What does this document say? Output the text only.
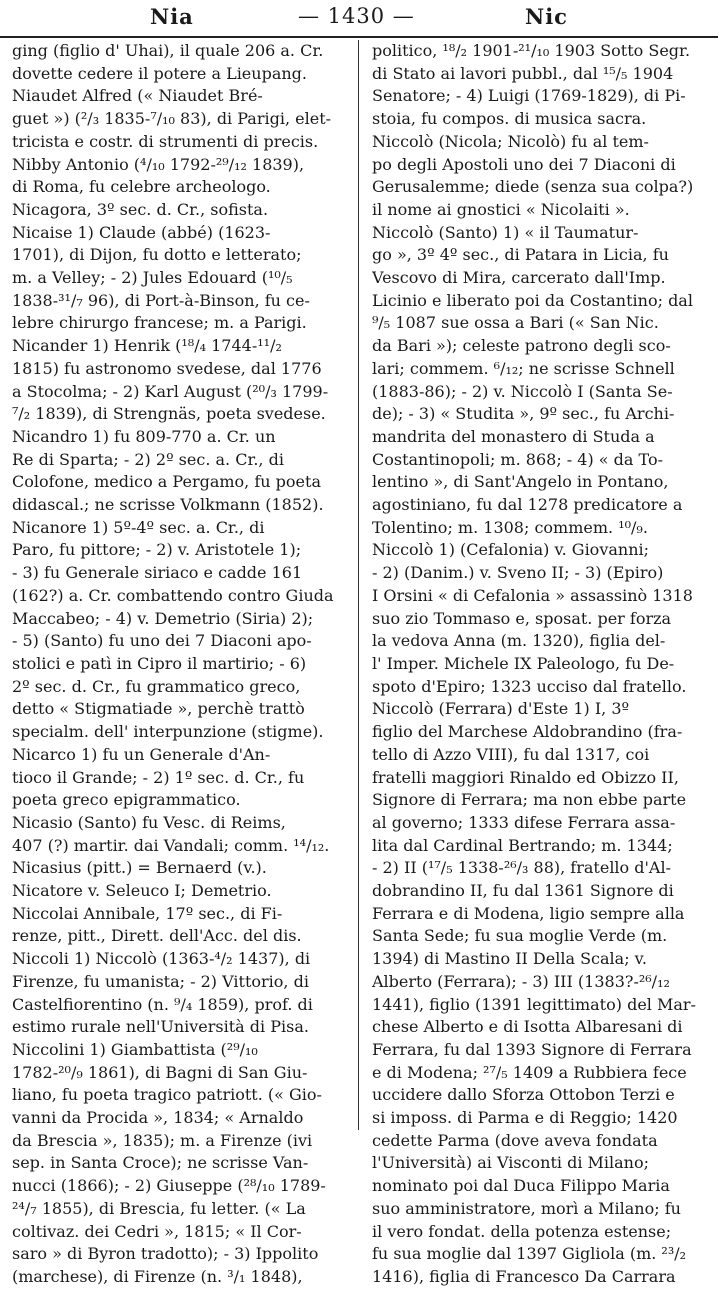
Nia	— 1430 —	Nic
ging (figlio d' Uhai), il quale 206 a. Cr.
dovette cedere il potere a Lieupang.
Niaudet Alfred (« Niaudet Bré-
guet ») (²/₃ 1835-⁷/₁₀ 83), di Parigi, elet-
tricista e costr. di strumenti di precis.
Nibby Antonio (⁴/₁₀ 1792-²⁹/₁₂ 1839),
di Roma, fu celebre archeologo.
Nicagora, 3º sec. d. Cr., sofista.
Nicaise 1) Claude (abbé) (1623-
1701), di Dijon, fu dotto e letterato;
m. a Velley; - 2) Jules Edouard (¹⁰/₅
1838-³¹/₇ 96), di Port-à-Binson, fu ce-
lebre chirurgo francese; m. a Parigi.
Nicander 1) Henrik (¹⁸/₄ 1744-¹¹/₂
1815) fu astronomo svedese, dal 1776
a Stocolma; - 2) Karl August (²⁰/₃ 1799-
⁷/₂ 1839), di Strengnäs, poeta svedese.
Nicandro 1) fu 809-770 a. Cr. un
Re di Sparta; - 2) 2º sec. a. Cr., di
Colofone, medico a Pergamo, fu poeta
didascal.; ne scrisse Volkmann (1852).
Nicanore 1) 5º-4º sec. a. Cr., di
Paro, fu pittore; - 2) v. Aristotele 1);
- 3) fu Generale siriaco e cadde 161
(162?) a. Cr. combattendo contro Giuda
Maccabeo; - 4) v. Demetrio (Siria) 2);
- 5) (Santo) fu uno dei 7 Diaconi apo-
stolici e patì in Cipro il martirio; - 6)
2º sec. d. Cr., fu grammatico greco,
detto « Stigmatiade », perchè trattò
specialm. dell' interpunzione (stigme).
Nicarco 1) fu un Generale d'An-
tioco il Grande; - 2) 1º sec. d. Cr., fu
poeta greco epigrammatico.
Nicasio (Santo) fu Vesc. di Reims,
407 (?) martir. dai Vandali; comm. ¹⁴/₁₂.
Nicasius (pitt.) = Bernaerd (v.).
Nicatore v. Seleuco I; Demetrio.
Niccolai Annibale, 17º sec., di Fi-
renze, pitt., Dirett. dell'Acc. del dis.
Niccoli 1) Niccolò (1363-⁴/₂ 1437), di
Firenze, fu umanista; - 2) Vittorio, di
Castelfiorentino (n. ⁹/₄ 1859), prof. di
estimo rurale nell'Università di Pisa.
Niccolini 1) Giambattista (²⁹/₁₀
1782-²⁰/₉ 1861), di Bagni di San Giu-
liano, fu poeta tragico patriott. (« Gio-
vanni da Procida », 1834; « Arnaldo
da Brescia », 1835); m. a Firenze (ivi
sep. in Santa Croce); ne scrisse Van-
nucci (1866); - 2) Giuseppe (²⁸/₁₀ 1789-
²⁴/₇ 1855), di Brescia, fu letter. (« La
coltivaz. dei Cedri », 1815; « Il Cor-
saro » di Byron tradotto); - 3) Ippolito
(marchese), di Firenze (n. ³/₁ 1848),
politico, ¹⁸/₂ 1901-²¹/₁₀ 1903 Sotto Segr.
di Stato ai lavori pubbl., dal ¹⁵/₅ 1904
Senatore; - 4) Luigi (1769-1829), di Pi-
stoia, fu compos. di musica sacra.
Niccolò (Nicola; Nicolò) fu al tem-
po degli Apostoli uno dei 7 Diaconi di
Gerusalemme; diede (senza sua colpa?)
il nome ai gnostici « Nicolaiti ».
Niccolò (Santo) 1) « il Taumatur-
go », 3º 4º sec., di Patara in Licia, fu
Vescovo di Mira, carcerato dall'Imp.
Licinio e liberato poi da Costantino; dal
⁹/₅ 1087 sue ossa a Bari (« San Nic.
da Bari »); celeste patrono degli sco-
lari; commem. ⁶/₁₂; ne scrisse Schnell
(1883-86); - 2) v. Niccolò I (Santa Se-
de); - 3) « Studita », 9º sec., fu Archi-
mandrita del monastero di Studa a
Costantinopoli; m. 868; - 4) « da To-
lentino », di Sant'Angelo in Pontano,
agostiniano, fu dal 1278 predicatore a
Tolentino; m. 1308; commem. ¹⁰/₉.
Niccolò 1) (Cefalonia) v. Giovanni;
- 2) (Danim.) v. Sveno II; - 3) (Epiro)
I Orsini « di Cefalonia » assassinò 1318
suo zio Tommaso e, sposat. per forza
la vedova Anna (m. 1320), figlia del-
l' Imper. Michele IX Paleologo, fu De-
spoto d'Epiro; 1323 ucciso dal fratello.
Niccolò (Ferrara) d'Este 1) I, 3º
figlio del Marchese Aldobrandino (fra-
tello di Azzo VIII), fu dal 1317, coi
fratelli maggiori Rinaldo ed Obizzo II,
Signore di Ferrara; ma non ebbe parte
al governo; 1333 difese Ferrara assa-
lita dal Cardinal Bertrando; m. 1344;
- 2) II (¹⁷/₅ 1338-²⁶/₃ 88), fratello d'Al-
dobrandino II, fu dal 1361 Signore di
Ferrara e di Modena, ligio sempre alla
Santa Sede; fu sua moglie Verde (m.
1394) di Mastino II Della Scala; v.
Alberto (Ferrara); - 3) III (1383?-²⁶/₁₂
1441), figlio (1391 legittimato) del Mar-
chese Alberto e di Isotta Albaresani di
Ferrara, fu dal 1393 Signore di Ferrara
e di Modena; ²⁷/₅ 1409 a Rubbiera fece
uccidere dallo Sforza Ottobon Terzi e
si imposs. di Parma e di Reggio; 1420
cedette Parma (dove aveva fondata
l'Università) ai Visconti di Milano;
nominato poi dal Duca Filippo Maria
suo amministratore, morì a Milano; fu
il vero fondat. della potenza estense;
fu sua moglie dal 1397 Gigliola (m. ²³/₂
1416), figlia di Francesco Da Carrara
